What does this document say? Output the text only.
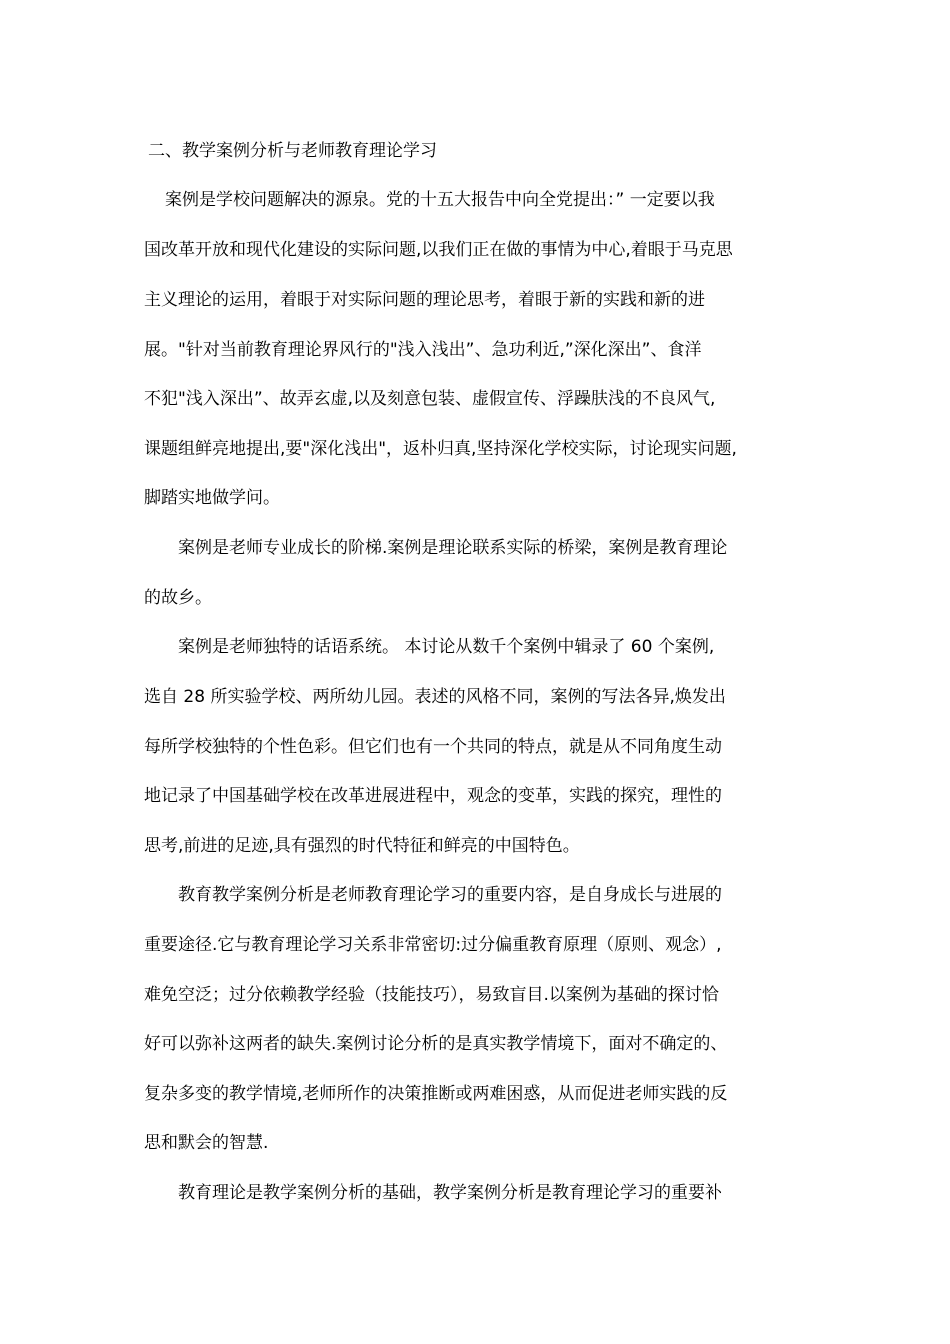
二、教学案例分析与老师教育理论学习
案例是学校问题解决的源泉。党的十五大报告中向全党提出：” 一定要以我
国改革开放和现代化建设的实际问题,以我们正在做的事情为中心,着眼于马克思
主义理论的运用，着眼于对实际问题的理论思考，着眼于新的实践和新的进
展。"针对当前教育理论界风行的"浅入浅出”、急功利近,”深化深出”、食洋
不犯"浅入深出”、故弄玄虚,以及刻意包装、虚假宣传、浮躁肤浅的不良风气,
课题组鲜亮地提出,要"深化浅出"，返朴归真,坚持深化学校实际，讨论现实问题,
脚踏实地做学问。
案例是老师专业成长的阶梯.案例是理论联系实际的桥梁，案例是教育理论
的故乡。
案例是老师独特的话语系统。 本讨论从数千个案例中辑录了 60 个案例,
选自 28 所实验学校、两所幼儿园。表述的风格不同，案例的写法各异,焕发出
每所学校独特的个性色彩。但它们也有一个共同的特点，就是从不同角度生动
地记录了中国基础学校在改革进展进程中，观念的变革，实践的探究，理性的
思考,前进的足迹,具有强烈的时代特征和鲜亮的中国特色。
教育教学案例分析是老师教育理论学习的重要内容，是自身成长与进展的
重要途径.它与教育理论学习关系非常密切:过分偏重教育原理（原则、观念）,
难免空泛；过分依赖教学经验（技能技巧），易致盲目.以案例为基础的探讨恰
好可以弥补这两者的缺失.案例讨论分析的是真实教学情境下，面对不确定的、
复杂多变的教学情境,老师所作的决策推断或两难困惑，从而促进老师实践的反
思和默会的智慧.
教育理论是教学案例分析的基础，教学案例分析是教育理论学习的重要补
